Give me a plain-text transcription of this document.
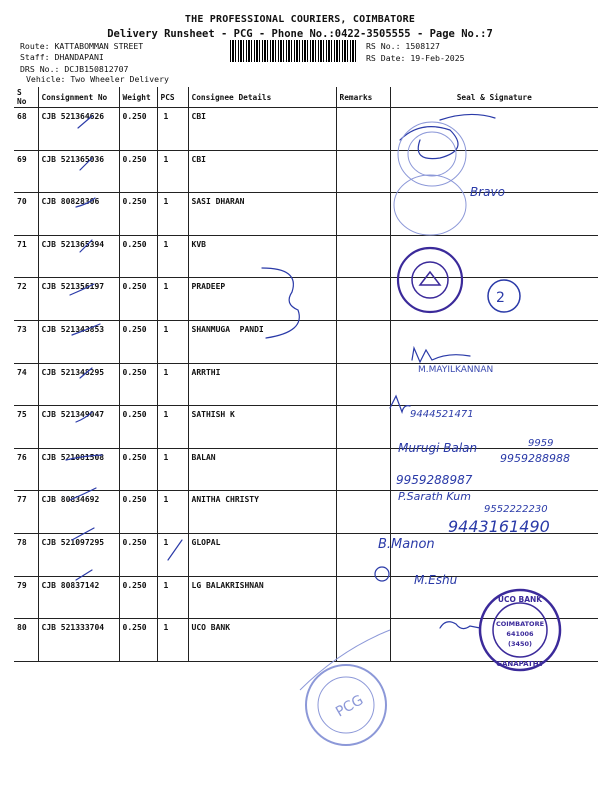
THE PROFESSIONAL COURIERS, COIMBATORE
Delivery Runsheet - PCG - Phone No.:0422-3505555 - Page No.:7
Route: KATTABOMMAN STREET
Staff: DHANDAPANI
DRS No.: DCJB150812707
Vehicle: Two Wheeler Delivery
RS No.: 1508127
RS Date: 19-Feb-2025
S No	Consignment No	Weight	PCS	Consignee Details	Remarks	Seal & Signature
68	CJB 521364626	0.250	1	CBI		
69	CJB 521365036	0.250	1	CBI		
70	CJB 80828306	0.250	1	SASI DHARAN		
71	CJB 521365394	0.250	1	KVB		
72	CJB 521356197	0.250	1	PRADEEP		
73	CJB 521343853	0.250	1	SHANMUGA  PANDI		
74	CJB 521348295	0.250	1	ARRTHI		
75	CJB 521349047	0.250	1	SATHISH K		
76	CJB 521081508	0.250	1	BALAN		
77	CJB 80834692	0.250	1	ANITHA CHRISTY		
78	CJB 521097295	0.250	1	GLOPAL		
79	CJB 80837142	0.250	1	LG BALAKRISHNAN		
80	CJB 521333704	0.250	1	UCO BANK		
Bravo
2
M.MAYILKANNAN
9444521471
Murugi Balan	9959
9959288988
9959288987
P.Sarath Kum
9552222230
9443161490
B.Manon
M.Eshu
UCO BANK
COIMBATORE
641006
(3450)
GANAPATHY
PCG
